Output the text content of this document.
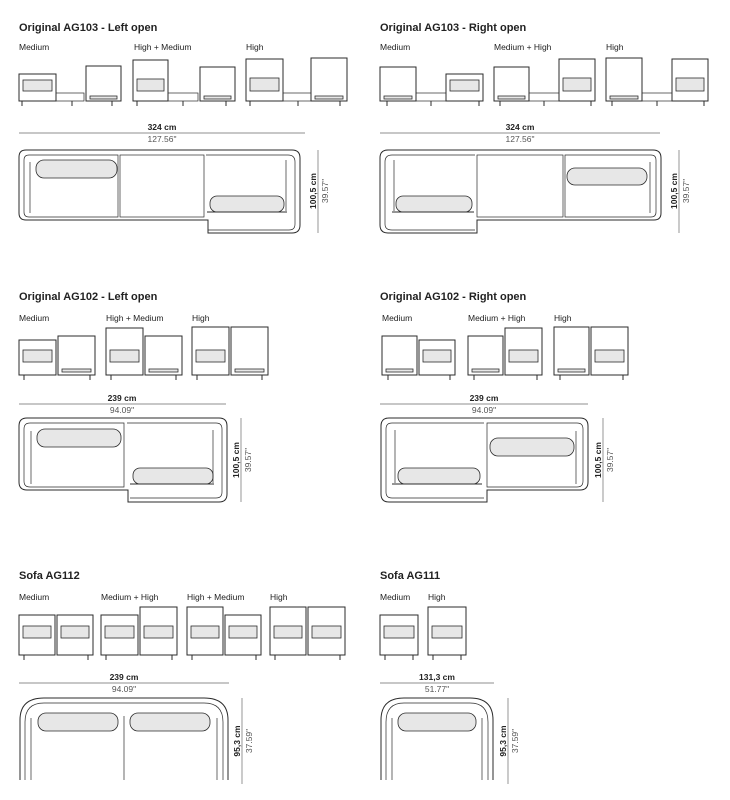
Original AG103 - Left open
Medium	High + Medium	High
324 cm
127.56"
100,5 cm 39.57"
Original AG103 - Right open
Medium	Medium + High	High
324 cm
127.56"
100,5 cm 39.57"
Original AG102 - Left open
Medium	High + Medium	High
239 cm
94.09"
100,5 cm 39.57"
Original AG102 - Right open
Medium	Medium + High	High
239 cm
94.09"
100,5 cm 39.57"
Sofa AG112
Medium	Medium + High	High + Medium	High
239 cm
94.09"
95,3 cm 37.59"
Sofa AG111
Medium High
131,3 cm
51.77"
95,3 cm 37.59"
